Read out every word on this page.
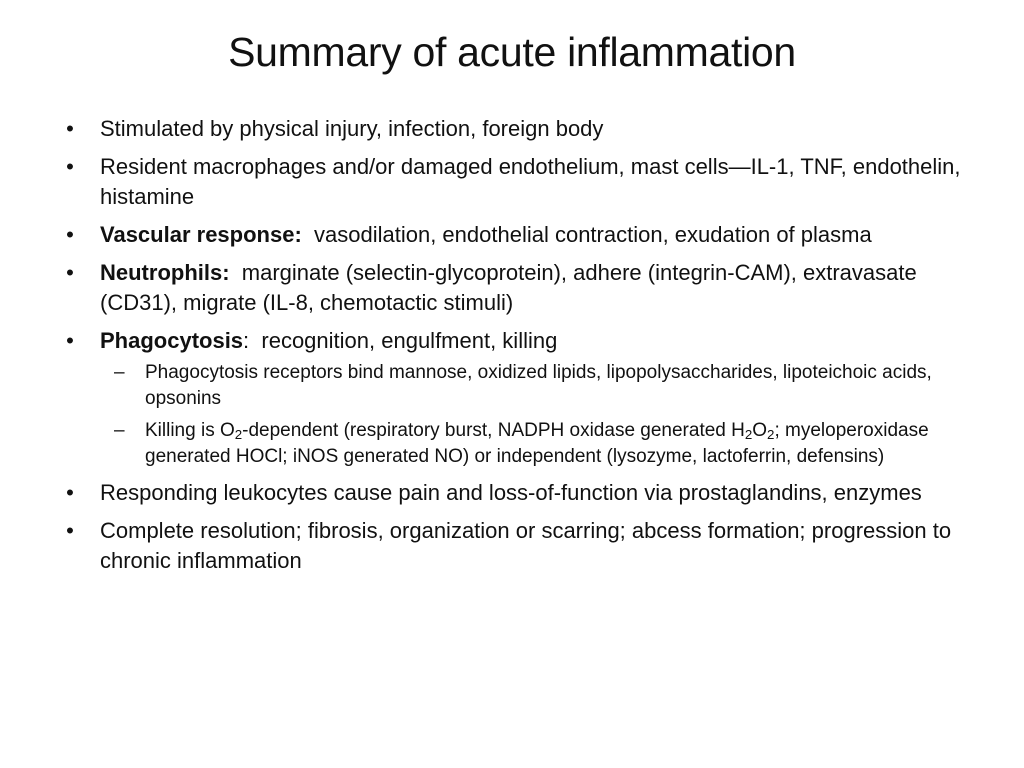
Summary of acute inflammation
• Stimulated by physical injury, infection, foreign body
• Resident macrophages and/or damaged endothelium, mast cells—IL-1, TNF, endothelin, histamine
• Vascular response:  vasodilation, endothelial contraction, exudation of plasma
• Neutrophils:  marginate (selectin-glycoprotein), adhere (integrin-CAM), extravasate (CD31), migrate (IL-8, chemotactic stimuli)
• Phagocytosis:  recognition, engulfment, killing
–	Phagocytosis receptors bind mannose, oxidized lipids, lipopolysaccharides, lipoteichoic acids, opsonins
–	Killing is $O_2$-dependent (respiratory burst, NADPH oxidase generated $H_2O_2$; myeloperoxidase generated HOCl; iNOS generated NO) or independent (lysozyme, lactoferrin, defensins)
• Responding leukocytes cause pain and loss-of-function via prostaglandins, enzymes
• Complete resolution; fibrosis, organization or scarring; abcess formation; progression to chronic inflammation
